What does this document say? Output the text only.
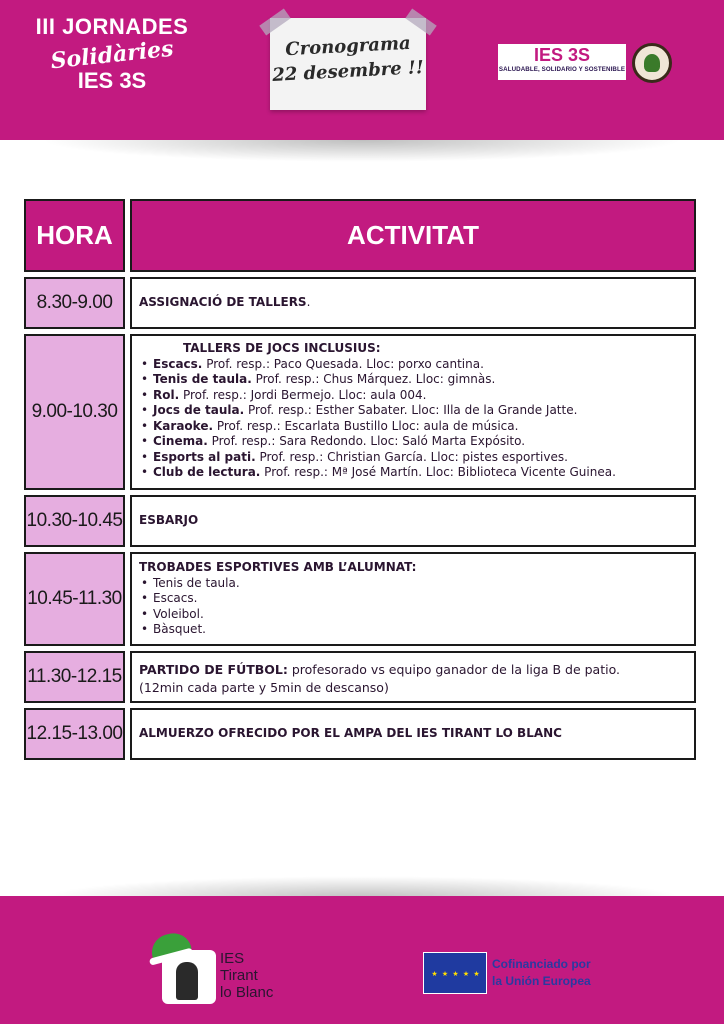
III JORNADES
Solidàries
IES 3S
Cronograma
22 desembre !!
IES 3S
SALUDABLE, SOLIDARIO Y SOSTENIBLE
HORA	ACTIVITAT
8.30-9.00	ASSIGNACIÓ DE TALLERS .
9.00-10.30
TALLERS DE JOCS INCLUSIUS:
• Escacs. Prof. resp.: Paco Quesada. Lloc: porxo cantina.
• Tenis de taula. Prof. resp.: Chus Márquez. Lloc: gimnàs.
• Rol. Prof. resp.: Jordi Bermejo. Lloc: aula 004.
• Jocs de taula. Prof. resp.: Esther Sabater. Lloc: Illa de la Grande Jatte.
• Karaoke. Prof. resp.: Escarlata Bustillo Lloc: aula de música.
• Cinema. Prof. resp.: Sara Redondo. Lloc: Saló Marta Expósito.
• Esports al pati. Prof. resp.: Christian García. Lloc: pistes esportives.
• Club de lectura. Prof. resp.: Mª José Martín. Lloc: Biblioteca Vicente Guinea.
10.30-10.45 ESBARJO
10.45-11.30
TROBADES ESPORTIVES AMB L’ALUMNAT:
• Tenis de taula.
• Escacs.
• Voleibol.
• Bàsquet.
11.30-12.15 PARTIDO DE FÚTBOL: profesorado vs equipo ganador de la liga B de patio.
(12min cada parte y 5min de descanso)
12.15-13.00 ALMUERZO OFRECIDO POR EL AMPA DEL IES TIRANT LO BLANC
IES
Tirant
lo Blanc
★ ★ ★ ★ ★
Cofinanciado por
la Unión Europea
